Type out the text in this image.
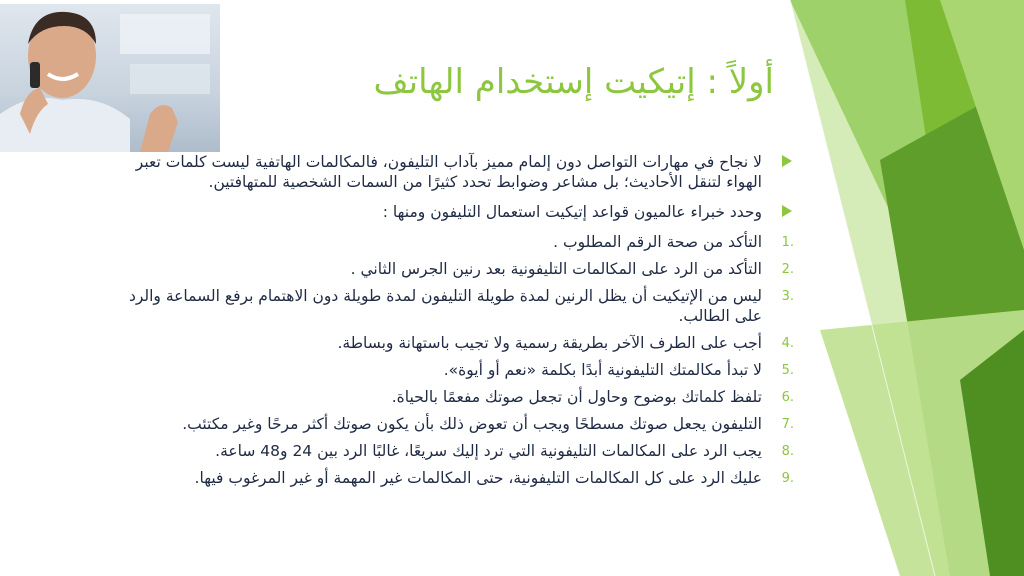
أولاً : إتيكيت إستخدام الهاتف
لا نجاح في مهارات التواصل دون إلمام مميز بآداب التليفون، فالمكالمات الهاتفية ليست كلمات تعبر الهواء لتنقل الأحاديث؛ بل مشاعر وضوابط تحدد كثيرًا من السمات الشخصية للمتهافتين.
وحدد خبراء عالميون قواعد إتيكيت استعمال التليفون ومنها :
1.
التأكد من صحة الرقم المطلوب .
2.
التأكد من الرد على المكالمات التليفونية بعد رنين الجرس الثاني .
3.
ليس من الإتيكيت أن يظل الرنين لمدة طويلة التليفون لمدة طويلة دون الاهتمام برفع السماعة والرد على الطالب.
4.
أجب على الطرف الآخر بطريقة رسمية ولا تجيب باستهانة وبساطة.
5.
لا تبدأ مكالمتك التليفونية أبدًا بكلمة «نعم أو أيوة».
6.
تلفظ كلماتك بوضوح وحاول أن تجعل صوتك مفعمًا بالحياة.
7.
التليفون يجعل صوتك مسطحًا ويجب أن تعوض ذلك بأن يكون صوتك أكثر مرحًا وغير مكتئب.
8.
يجب الرد على المكالمات التليفونية التي ترد إليك سريعًا، غالبًا الرد بين 24 و48 ساعة.
9.
عليك الرد على كل المكالمات التليفونية، حتى المكالمات غير المهمة أو غير المرغوب فيها.
